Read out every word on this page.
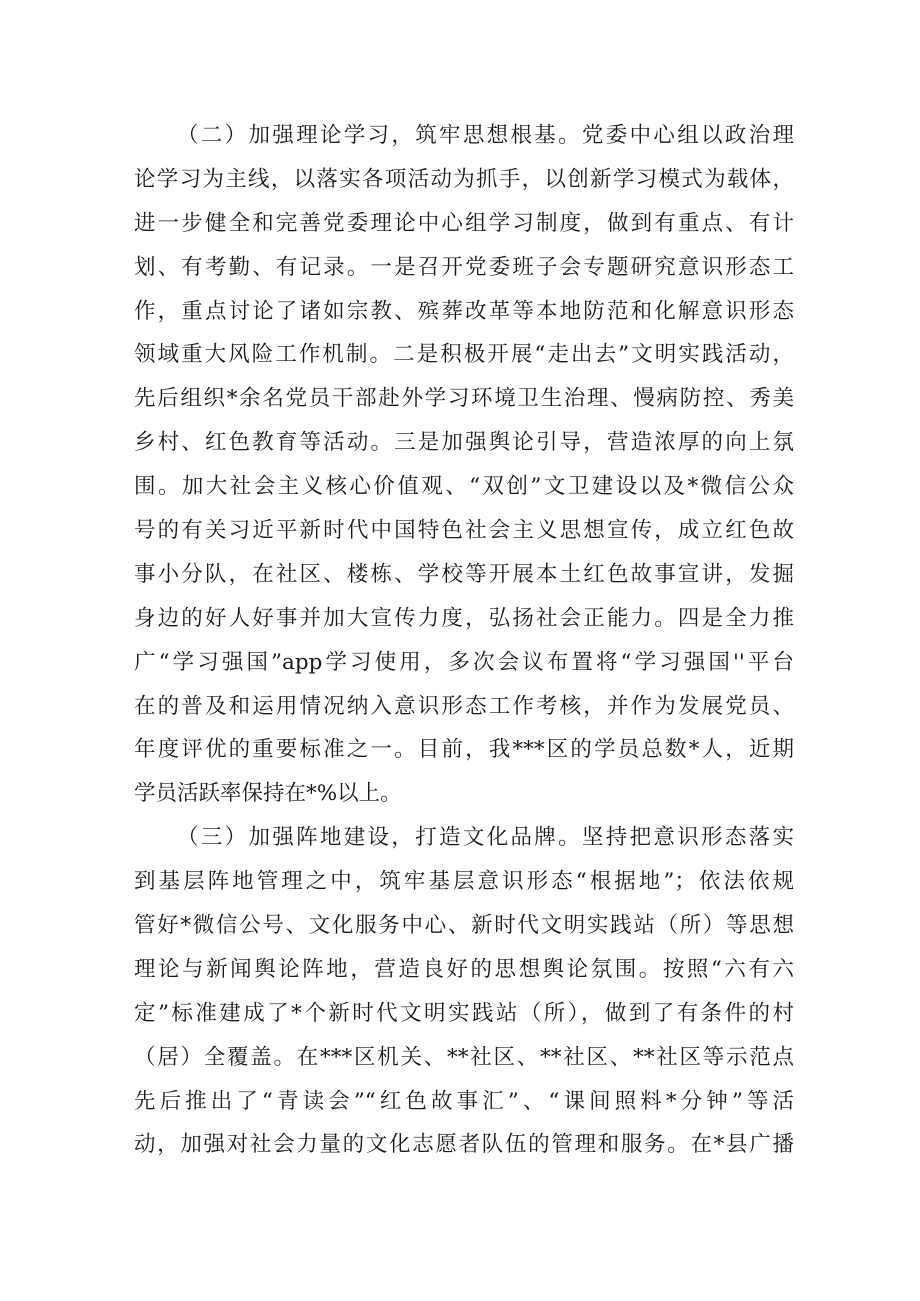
（二）加强理论学习，筑牢思想根基。党委中心组以政治理
论学习为主线，以落实各项活动为抓手，以创新学习模式为载体，
进一步健全和完善党委理论中心组学习制度，做到有重点、有计
划、有考勤、有记录。一是召开党委班子会专题研究意识形态工
作，重点讨论了诸如宗教、殡葬改革等本地防范和化解意识形态
领域重大风险工作机制。二是积极开展“走出去”文明实践活动，
先后组织*余名党员干部赴外学习环境卫生治理、慢病防控、秀美
乡村、红色教育等活动。三是加强舆论引导，营造浓厚的向上氛
围。加大社会主义核心价值观、“双创”文卫建设以及*微信公众
号的有关习近平新时代中国特色社会主义思想宣传，成立红色故
事小分队，在社区、楼栋、学校等开展本土红色故事宣讲，发掘
身边的好人好事并加大宣传力度，弘扬社会正能力。四是全力推
广“学习强国”app学习使用，多次会议布置将“学习强国''平台
在的普及和运用情况纳入意识形态工作考核，并作为发展党员、
年度评优的重要标准之一。目前，我***区的学员总数*人，近期
学员活跃率保持在*%以上。
（三）加强阵地建设，打造文化品牌。坚持把意识形态落实
到基层阵地管理之中，筑牢基层意识形态“根据地”；依法依规
管好*微信公号、文化服务中心、新时代文明实践站（所）等思想
理论与新闻舆论阵地，营造良好的思想舆论氛围。按照“六有六
定”标准建成了*个新时代文明实践站（所），做到了有条件的村
（居）全覆盖。在***区机关、**社区、**社区、**社区等示范点
先后推出了“青读会”“红色故事汇”、“课间照料*分钟”等活
动，加强对社会力量的文化志愿者队伍的管理和服务。在*县广播
